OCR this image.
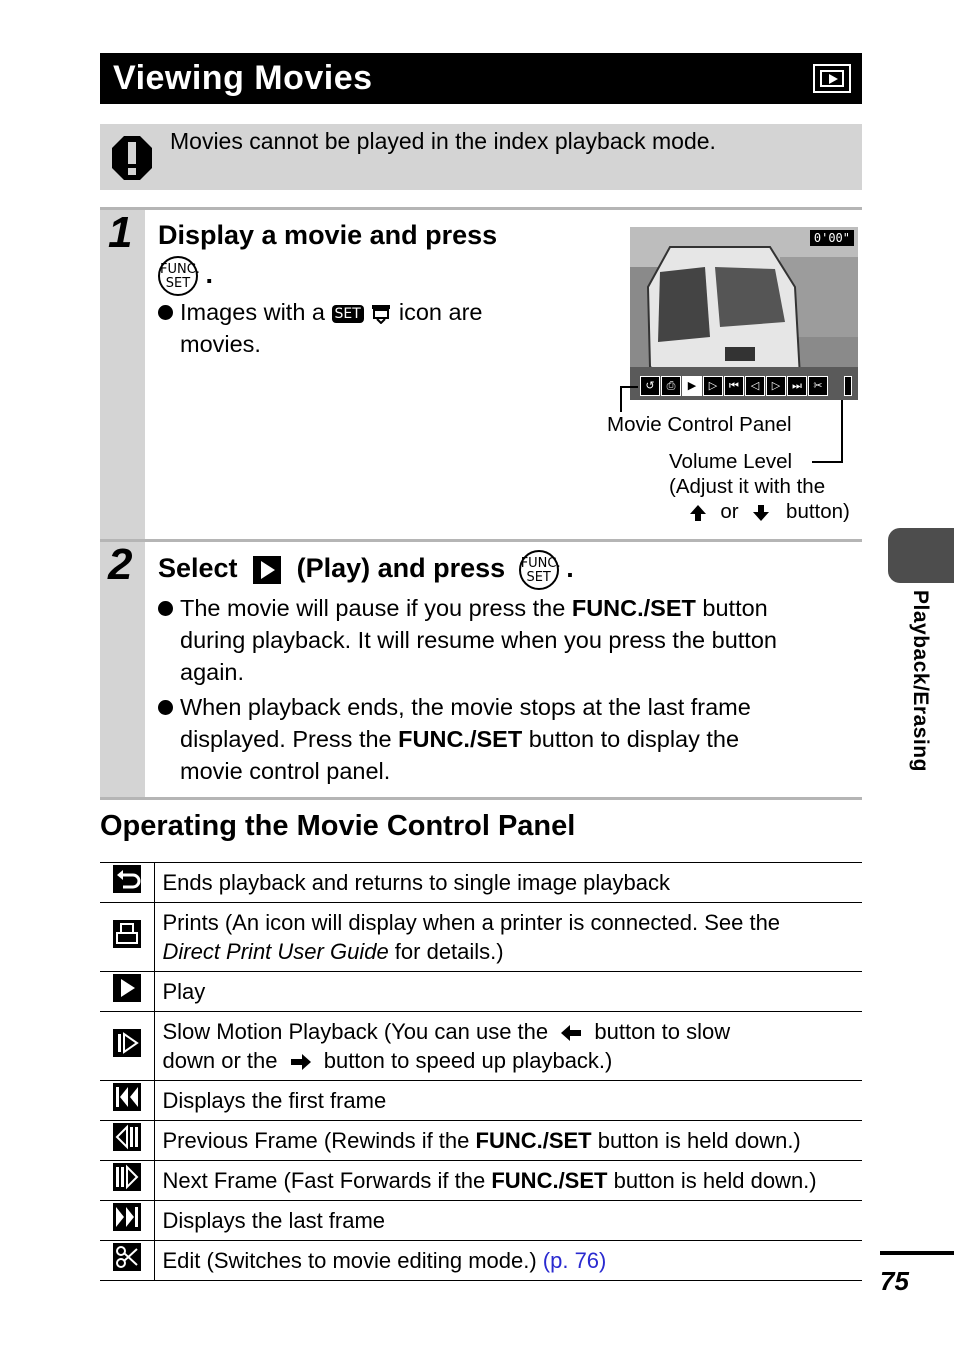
Viewing Movies
Movies cannot be played in the index playback mode.
1 Display a movie and press
FUNC.
SET .
Images with a SET icon are
movies.
0'00"
↺	⎙	▶	▷	⏮	◁	▷	⏭	✂
Movie Control Panel
Volume Level
(Adjust it with the
or button)
2 Select (Play) and press FUNC.
SET .
The movie will pause if you press the FUNC./SET button
during playback. It will resume when you press the button
again.
When playback ends, the movie stops at the last frame
displayed. Press the FUNC./SET button to display the
movie control panel.
Operating the Movie Control Panel
	Ends playback and returns to single image playback
	Prints (An icon will display when a printer is connected. See the
Direct Print User Guide for details.)
	Play
	Slow Motion Playback (You can use the button to slow
down or the button to speed up playback.)
	Displays the first frame
	Previous Frame (Rewinds if the FUNC./SET button is held down.)
	Next Frame (Fast Forwards if the FUNC./SET button is held down.)
	Displays the last frame
	Edit (Switches to movie editing mode.) (p. 76)
Playback/Erasing
75
